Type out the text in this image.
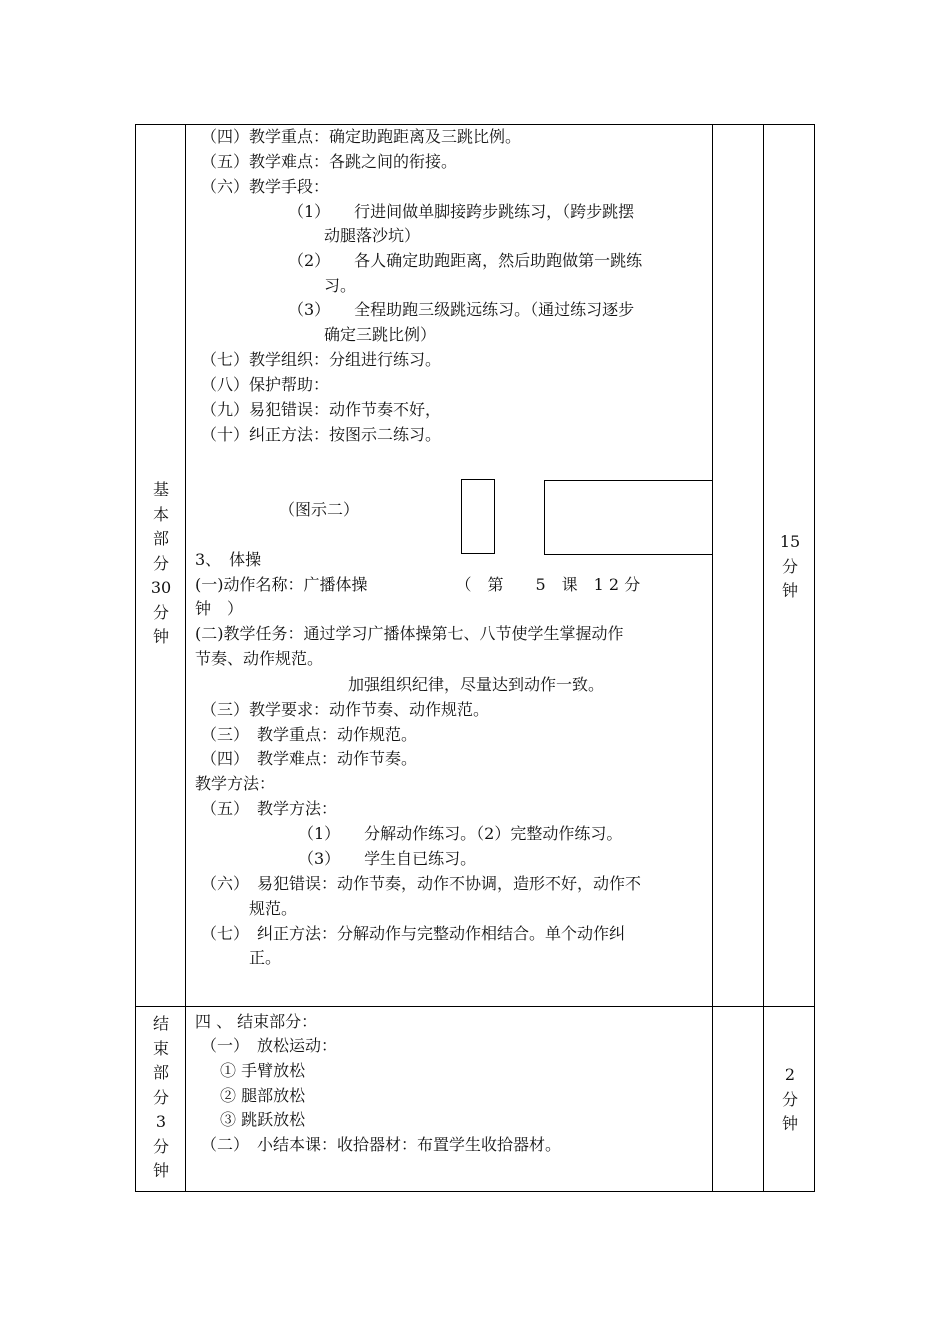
基
本
部
分
30
分
钟
15
分
钟
（四）教学重点：确定助跑距离及三跳比例。
（五）教学难点：各跳之间的衔接。
（六）教学手段：
（1）　　行进间做单脚接跨步跳练习，（跨步跳摆
动腿落沙坑）
（2）　　各人确定助跑距离，然后助跑做第一跳练
习。
（3）　　全程助跑三级跳远练习。（通过练习逐步
确定三跳比例）
（七）教学组织：分组进行练习。
（八）保护帮助：
（九）易犯错误：动作节奏不好，
（十）纠正方法：按图示二练习。
（图示二）
3、　体操
(一)动作名称：广播体操　　　　　　（　第　　5　课　1 2 分
钟　）
(二)教学任务：通过学习广播体操第七、八节使学生掌握动作
节奏、动作规范。
加强组织纪律，尽量达到动作一致。
（三）教学要求：动作节奏、动作规范。
（三）　教学重点：动作规范。
（四）　教学难点：动作节奏。
教学方法：
（五）　教学方法：
（1）　　分解动作练习。（2）完整动作练习。
（3）　　学生自已练习。
（六）　易犯错误：动作节奏，动作不协调，造形不好，动作不
规范。
（七）　纠正方法：分解动作与完整动作相结合。单个动作纠
正。
结
束
部
分
3
分
钟
2
分
钟
四 、 结束部分：
（一）　放松运动：
① 手臂放松
② 腿部放松
③ 跳跃放松
（二）　小结本课：收拾器材：布置学生收拾器材。
